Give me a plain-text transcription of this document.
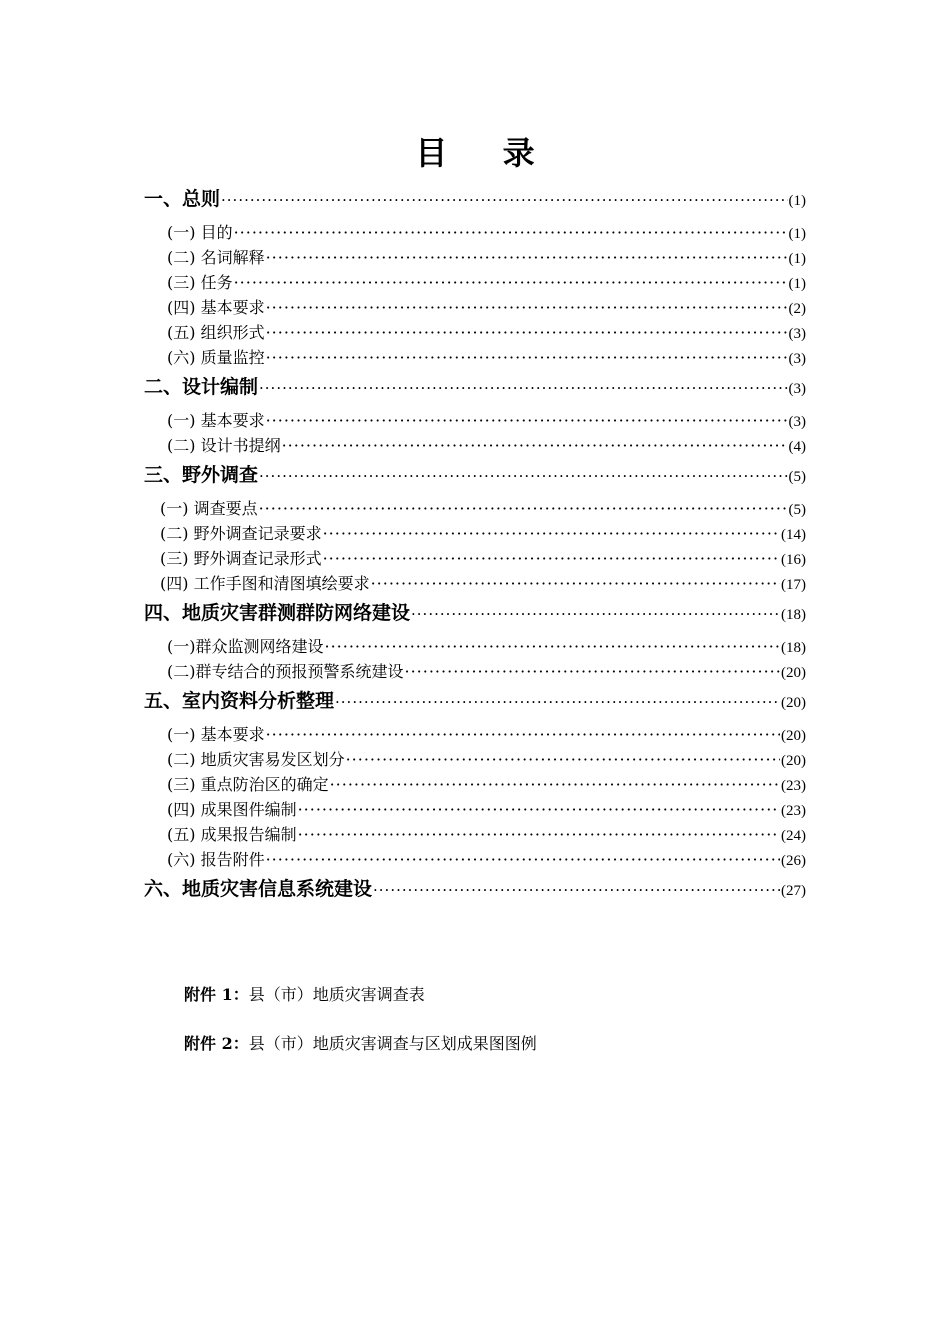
目 录
一、总则 ·····	(1)
(一) 目的 ·····	(1)
(二) 名词解释 ·····	(1)
(三) 任务 ·····	(1)
(四) 基本要求 ·····	(2)
(五) 组织形式 ·····	(3)
(六) 质量监控 ·····	(3)
二、设计编制 ·····	(3)
(一) 基本要求 ·····	(3)
(二) 设计书提纲 ·····	(4)
三、野外调查 ·····	(5)
(一) 调查要点 ·····	(5)
(二) 野外调查记录要求 ·····	(14)
(三) 野外调查记录形式 ·····	(16)
(四) 工作手图和清图填绘要求 ·····	(17)
四、地质灾害群测群防网络建设 ·····	(18)
(一)群众监测网络建设 ·····	(18)
(二)群专结合的预报预警系统建设 ·····	(20)
五、室内资料分析整理 ·····	(20)
(一) 基本要求 ·····	(20)
(二) 地质灾害易发区划分 ·····	(20)
(三) 重点防治区的确定 ·····	(23)
(四) 成果图件编制 ·····	(23)
(五) 成果报告编制 ·····	(24)
(六) 报告附件 ·····	(26)
六、地质灾害信息系统建设 ·····	(27)
附件 1：县（市）地质灾害调查表
附件 2：县（市）地质灾害调查与区划成果图图例
